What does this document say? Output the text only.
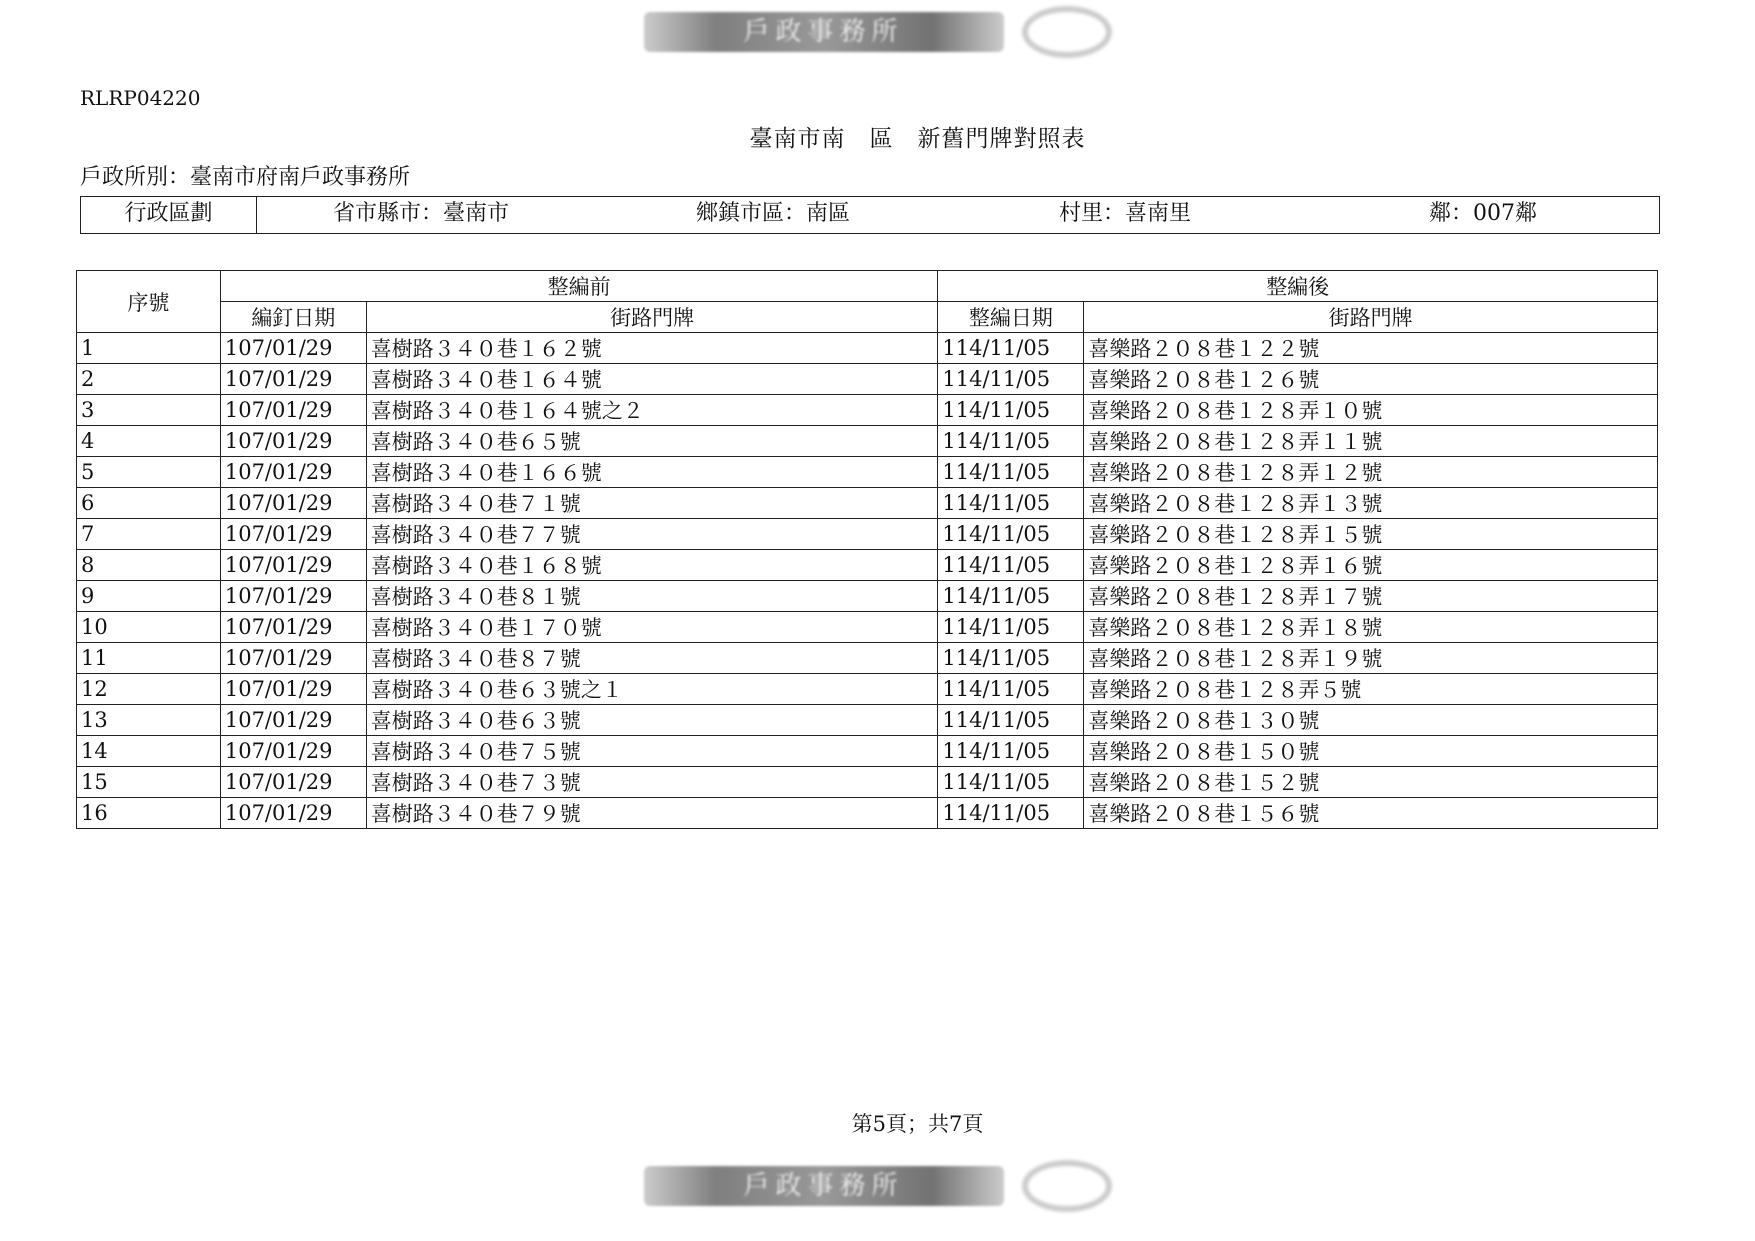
戶政事務所
RLRP04220
臺南市南　區　新舊門牌對照表
戶政所別：臺南市府南戶政事務所
行政區劃	省市縣市：臺南市	鄉鎮市區：南區	村里：喜南里	鄰：007鄰
序號	整編前		整編後	
	編釘日期	街路門牌	整編日期	街路門牌
1	107/01/29	喜樹路３４０巷１６２號	114/11/05	喜樂路２０８巷１２２號
2	107/01/29	喜樹路３４０巷１６４號	114/11/05	喜樂路２０８巷１２６號
3	107/01/29	喜樹路３４０巷１６４號之２	114/11/05	喜樂路２０８巷１２８弄１０號
4	107/01/29	喜樹路３４０巷６５號	114/11/05	喜樂路２０８巷１２８弄１１號
5	107/01/29	喜樹路３４０巷１６６號	114/11/05	喜樂路２０８巷１２８弄１２號
6	107/01/29	喜樹路３４０巷７１號	114/11/05	喜樂路２０８巷１２８弄１３號
7	107/01/29	喜樹路３４０巷７７號	114/11/05	喜樂路２０８巷１２８弄１５號
8	107/01/29	喜樹路３４０巷１６８號	114/11/05	喜樂路２０８巷１２８弄１６號
9	107/01/29	喜樹路３４０巷８１號	114/11/05	喜樂路２０８巷１２８弄１７號
10	107/01/29	喜樹路３４０巷１７０號	114/11/05	喜樂路２０８巷１２８弄１８號
11	107/01/29	喜樹路３４０巷８７號	114/11/05	喜樂路２０８巷１２８弄１９號
12	107/01/29	喜樹路３４０巷６３號之１	114/11/05	喜樂路２０８巷１２８弄５號
13	107/01/29	喜樹路３４０巷６３號	114/11/05	喜樂路２０８巷１３０號
14	107/01/29	喜樹路３４０巷７５號	114/11/05	喜樂路２０８巷１５０號
15	107/01/29	喜樹路３４０巷７３號	114/11/05	喜樂路２０８巷１５２號
16	107/01/29	喜樹路３４０巷７９號	114/11/05	喜樂路２０８巷１５６號
第5頁；共7頁
戶政事務所
